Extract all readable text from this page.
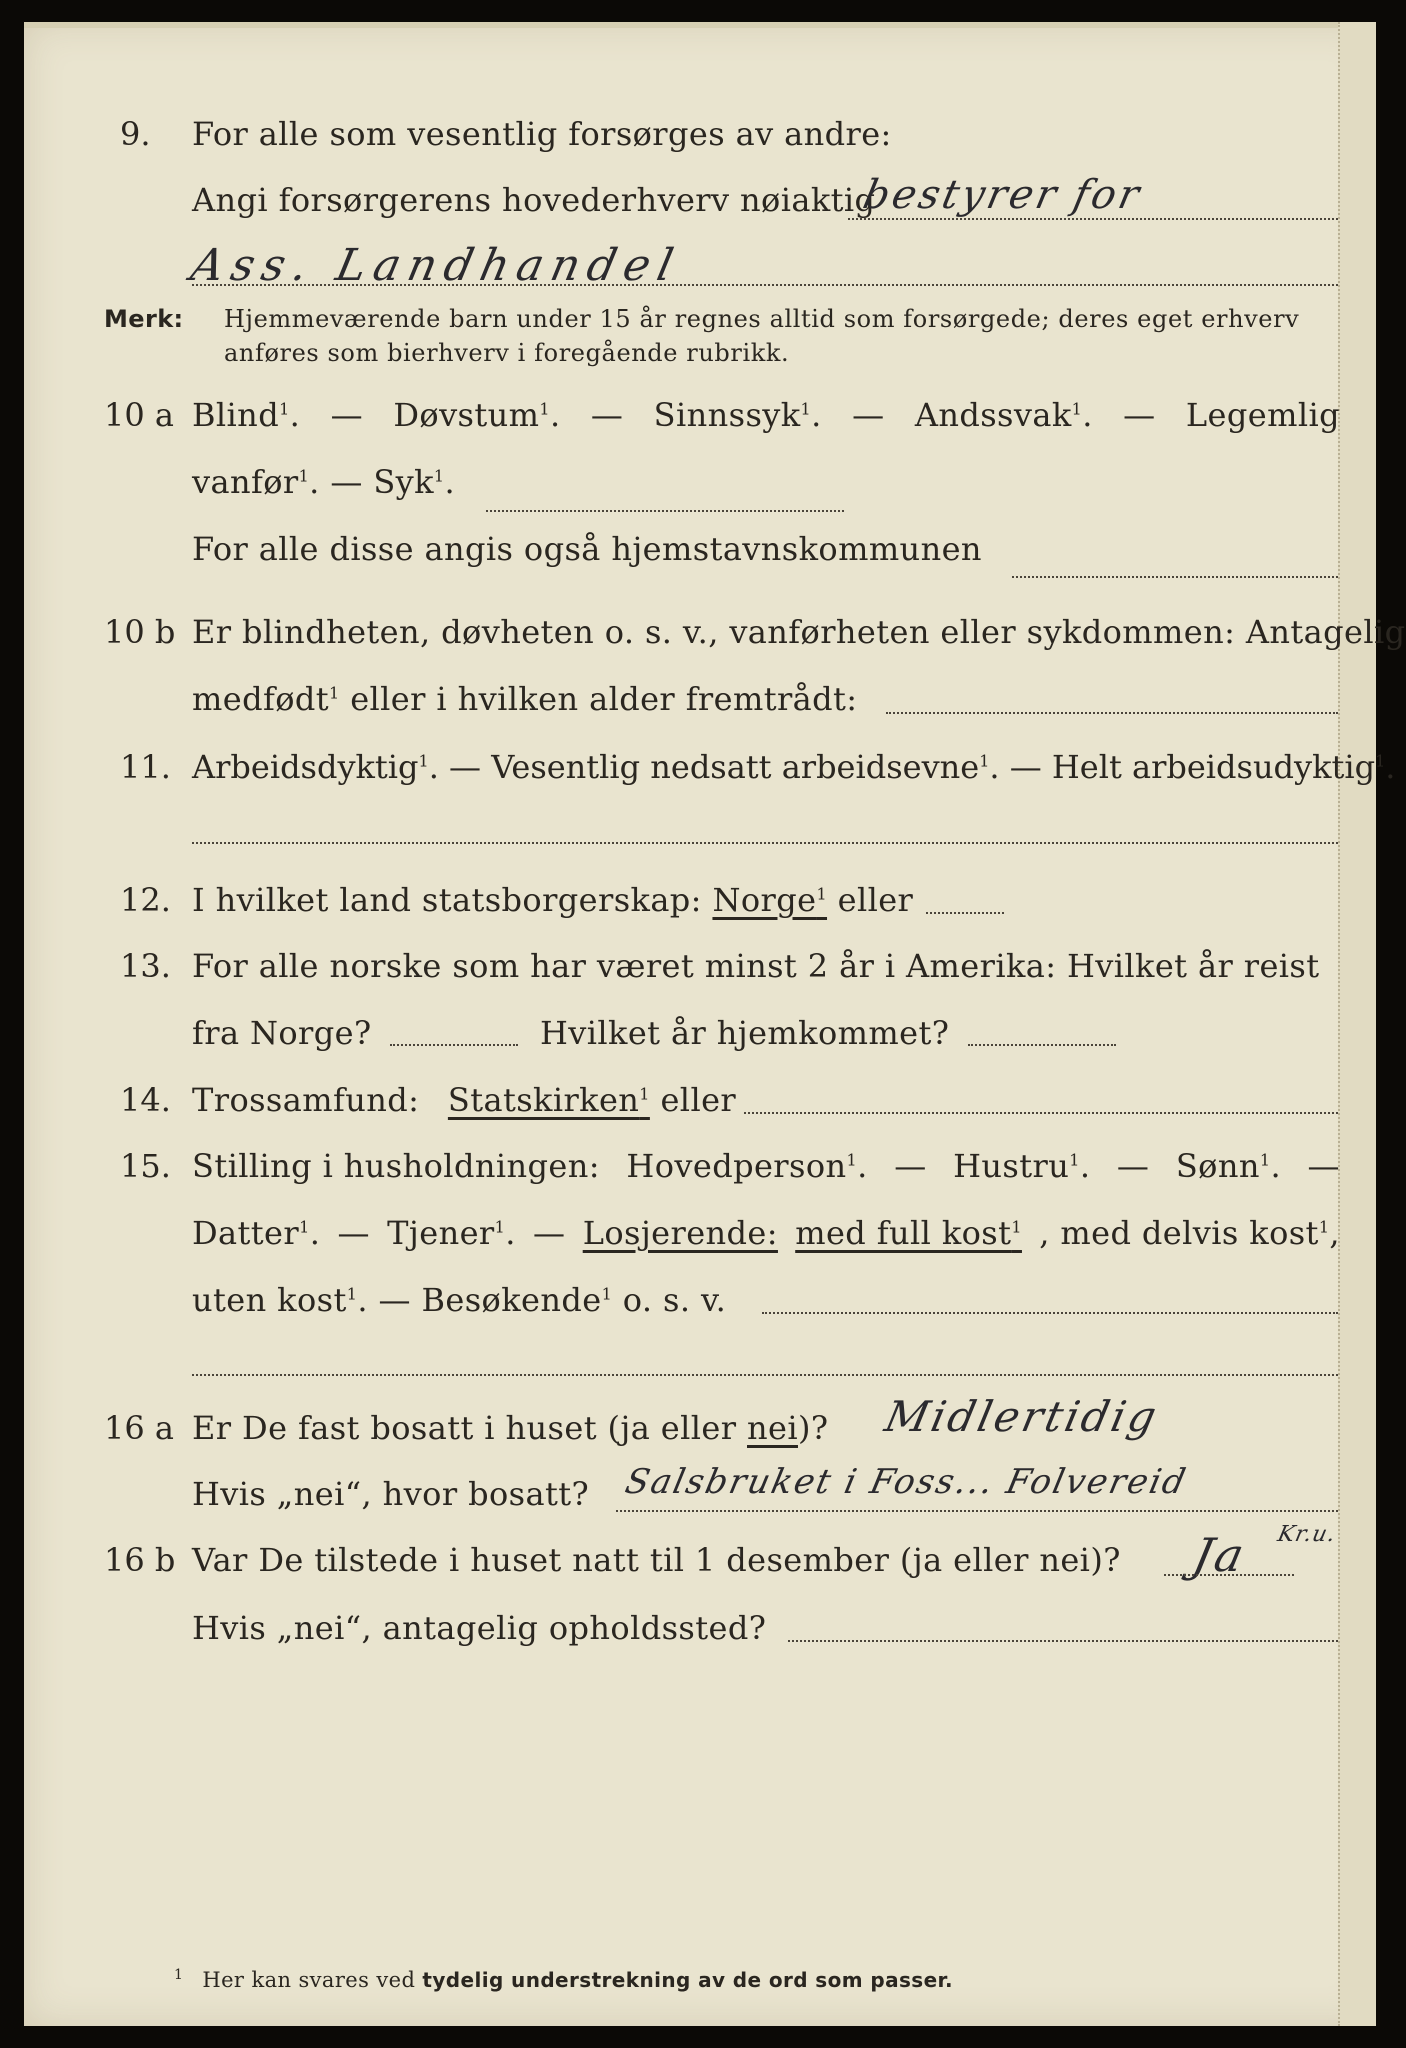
9. For alle som vesentlig forsørges av andre:
Angi forsørgerens hovederhverv nøiaktig
bestyrer for
Ass. Landhandel
Merk: Hjemmeværende barn under 15 år regnes alltid som forsørgede; deres eget erhverv
anføres som bierhverv i foregående rubrikk.
10 a Blind$^1$. — Døvstum$^1$. — Sinnssyk$^1$. — Andssvak$^1$. — Legemlig
vanfør$^1$. — Syk$^1$.
For alle disse angis også hjemstavnskommunen
10 b Er blindheten, døvheten o. s. v., vanførheten eller sykdommen: Antagelig
medfødt$^1$ eller i hvilken alder fremtrådt:
11. Arbeidsdyktig$^1$. — Vesentlig nedsatt arbeidsevne$^1$. — Helt arbeidsudyktig$^1$.
12. I hvilket land statsborgerskap: Norge$^1$ eller
13. For alle norske som har været minst 2 år i Amerika: Hvilket år reist
fra Norge?	Hvilket år hjemkommet?
14. Trossamfund: Statskirken$^1$ eller
15. Stilling i husholdningen: Hovedperson$^1$. — Hustru$^1$. — Sønn$^1$. —
Datter$^1$. — Tjener$^1$. — Losjerende: med full kost$^1$ , med delvis kost$^1$,
uten kost$^1$. — Besøkende$^1$ o. s. v.
16 a Er De fast bosatt i huset (ja eller nei)? Midlertidig
Hvis „nei“, hvor bosatt? Salsbruket i Foss... Folvereid
16 b Var De tilstede i huset natt til 1 desember (ja eller nei)? Ja Kr.u.
Hvis „nei“, antagelig opholdssted?
$^1$ Her kan svares ved tydelig understrekning av de ord som passer.
